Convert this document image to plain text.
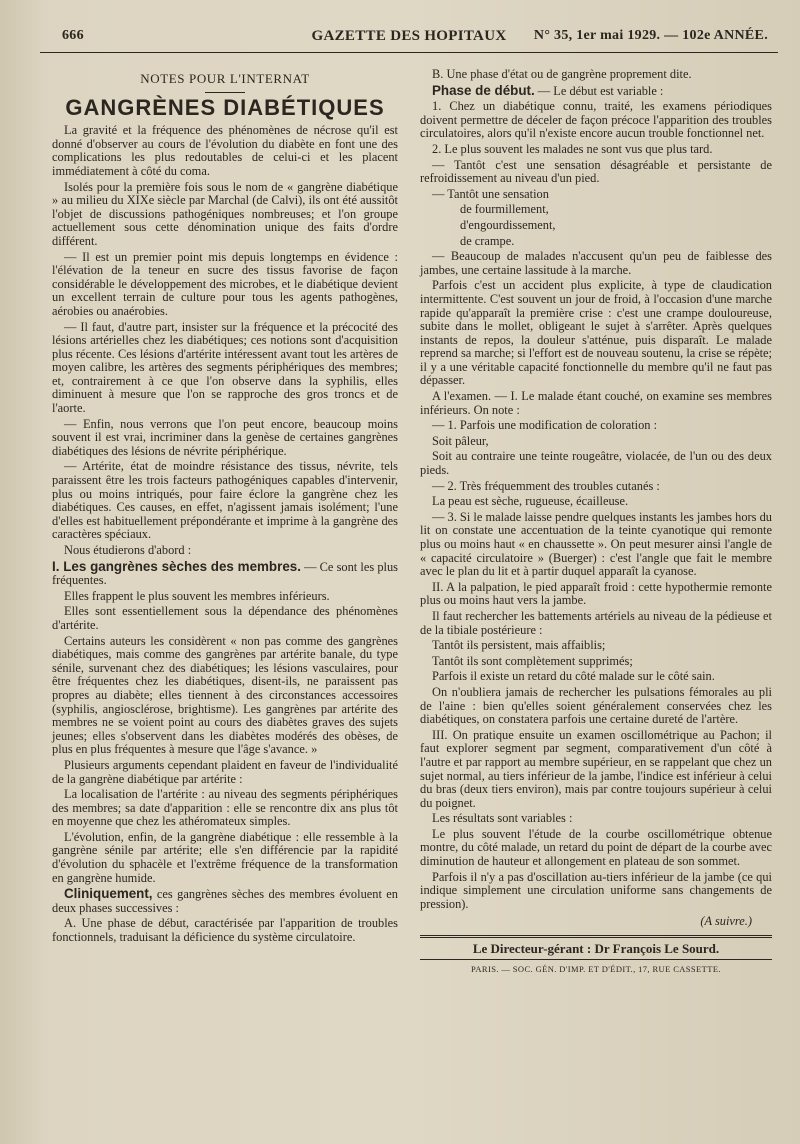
666	GAZETTE DES HOPITAUX	N° 35, 1er mai 1929. — 102e ANNÉE.
NOTES POUR L'INTERNAT
GANGRÈNES DIABÉTIQUES

La gravité et la fréquence des phénomènes de nécrose qu'il est donné d'observer au cours de l'évolution du diabète en font une des complications les plus redoutables de celui-ci et les placent immédiatement à côté du coma.

Isolés pour la première fois sous le nom de « gangrène diabétique » au milieu du XIXe siècle par Marchal (de Calvi), ils ont été aussitôt l'objet de discussions pathogéniques nombreuses; et l'on groupe actuellement sous cette dénomination unique des faits d'ordre différent.

— Il est un premier point mis depuis longtemps en évidence : l'élévation de la teneur en sucre des tissus favorise de façon considérable le développement des microbes, et le diabétique devient un excellent terrain de culture pour tous les agents pathogènes, aérobies ou anaérobies.

— Il faut, d'autre part, insister sur la fréquence et la précocité des lésions artérielles chez les diabétiques; ces notions sont d'acquisition plus récente. Ces lésions d'artérite intéressent avant tout les artères de moyen calibre, les artères des segments périphériques des membres; et, contrairement à ce que l'on observe dans la syphilis, elles diminuent à mesure que l'on se rapproche des gros troncs et de l'aorte.

— Enfin, nous verrons que l'on peut encore, beaucoup moins souvent il est vrai, incriminer dans la genèse de certaines gangrènes diabétiques des lésions de névrite périphérique.

— Artérite, état de moindre résistance des tissus, névrite, tels paraissent être les trois facteurs pathogéniques capables d'intervenir, plus ou moins intriqués, pour faire éclore la gangrène chez les diabétiques. Ces causes, en effet, n'agissent jamais isolément; l'une d'elles est habituellement prépondérante et imprime à la gangrène des caractères spéciaux.

Nous étudierons d'abord :

I. Les gangrènes sèches des membres. — Ce sont les plus fréquentes.

Elles frappent le plus souvent les membres inférieurs.

Elles sont essentiellement sous la dépendance des phénomènes d'artérite.

Certains auteurs les considèrent « non pas comme des gangrènes diabétiques, mais comme des gangrènes par artérite banale, du type sénile, survenant chez des diabétiques; les lésions vasculaires, pour être fréquentes chez les diabétiques, disent-ils, ne paraissent pas propres au diabète; elles tiennent à des circonstances accessoires (syphilis, angiosclérose, brightisme). Les gangrènes par artérite des membres ne se voient point au cours des diabètes graves des sujets jeunes; elles s'observent dans les diabètes modérés des obèses, de plus en plus fréquentes à mesure que l'âge s'avance. »

Plusieurs arguments cependant plaident en faveur de l'individualité de la gangrène diabétique par artérite :

La localisation de l'artérite : au niveau des segments périphériques des membres; sa date d'apparition : elle se rencontre dix ans plus tôt en moyenne que chez les athéromateux simples.

L'évolution, enfin, de la gangrène diabétique : elle ressemble à la gangrène sénile par artérite; elle s'en différencie par la rapidité d'évolution du sphacèle et l'extrême fréquence de la transformation en gangrène humide.

Cliniquement, ces gangrènes sèches des membres évoluent en deux phases successives :

A. Une phase de début, caractérisée par l'apparition de troubles fonctionnels, traduisant la déficience du système circulatoire.

B. Une phase d'état ou de gangrène proprement dite.

Phase de début. — Le début est variable :

1. Chez un diabétique connu, traité, les examens périodiques doivent permettre de déceler de façon précoce l'apparition des troubles circulatoires, alors qu'il n'existe encore aucun trouble fonctionnel net.

2. Le plus souvent les malades ne sont vus que plus tard.

— Tantôt c'est une sensation désagréable et persistante de refroidissement au niveau d'un pied.

— Tantôt une sensation

de fourmillement,

d'engourdissement,

de crampe.

— Beaucoup de malades n'accusent qu'un peu de faiblesse des jambes, une certaine lassitude à la marche.

Parfois c'est un accident plus explicite, à type de claudication intermittente. C'est souvent un jour de froid, à l'occasion d'une marche rapide qu'apparaît la première crise : c'est une crampe douloureuse, subite dans le mollet, obligeant le sujet à s'arrêter. Après quelques instants de repos, la douleur s'atténue, puis disparaît. Le malade reprend sa marche; si l'effort est de nouveau soutenu, la crise se répète; il y a une véritable capacité fonctionnelle du membre qu'il ne faut pas dépasser.

A l'examen. — I. Le malade étant couché, on examine ses membres inférieurs. On note :

— 1. Parfois une modification de coloration :

Soit pâleur,

Soit au contraire une teinte rougeâtre, violacée, de l'un ou des deux pieds.

— 2. Très fréquemment des troubles cutanés :

La peau est sèche, rugueuse, écailleuse.

— 3. Si le malade laisse pendre quelques instants les jambes hors du lit on constate une accentuation de la teinte cyanotique qui remonte plus ou moins haut « en chaussette ». On peut mesurer ainsi l'angle de « capacité circulatoire » (Buerger) : c'est l'angle que fait le membre avec le plan du lit et à partir duquel apparaît la cyanose.

II. A la palpation, le pied apparaît froid : cette hypothermie remonte plus ou moins haut vers la jambe.

Il faut rechercher les battements artériels au niveau de la pédieuse et de la tibiale postérieure :

Tantôt ils persistent, mais affaiblis;

Tantôt ils sont complètement supprimés;

Parfois il existe un retard du côté malade sur le côté sain.

On n'oubliera jamais de rechercher les pulsations fémorales au pli de l'aine : bien qu'elles soient généralement conservées chez les diabétiques, on constatera parfois une certaine dureté de l'artère.

III. On pratique ensuite un examen oscillométrique au Pachon; il faut explorer segment par segment, comparativement d'un côté à l'autre et par rapport au membre supérieur, en se rappelant que chez un sujet normal, au tiers inférieur de la jambe, l'indice est inférieur à celui du bras (deux tiers environ), mais par contre toujours supérieur à celui du poignet.

Les résultats sont variables :

Le plus souvent l'étude de la courbe oscillométrique obtenue montre, du côté malade, un retard du point de départ de la courbe avec diminution de hauteur et allongement en plateau de son sommet.

Parfois il n'y a pas d'oscillation au-tiers inférieur de la jambe (ce qui indique simplement une circulation uniforme sans changements de pression).

(A suivre.)

Le Directeur-gérant : Dr François Le Sourd.

PARIS. — SOC. GÉN. D'IMP. ET D'ÉDIT., 17, RUE CASSETTE.
